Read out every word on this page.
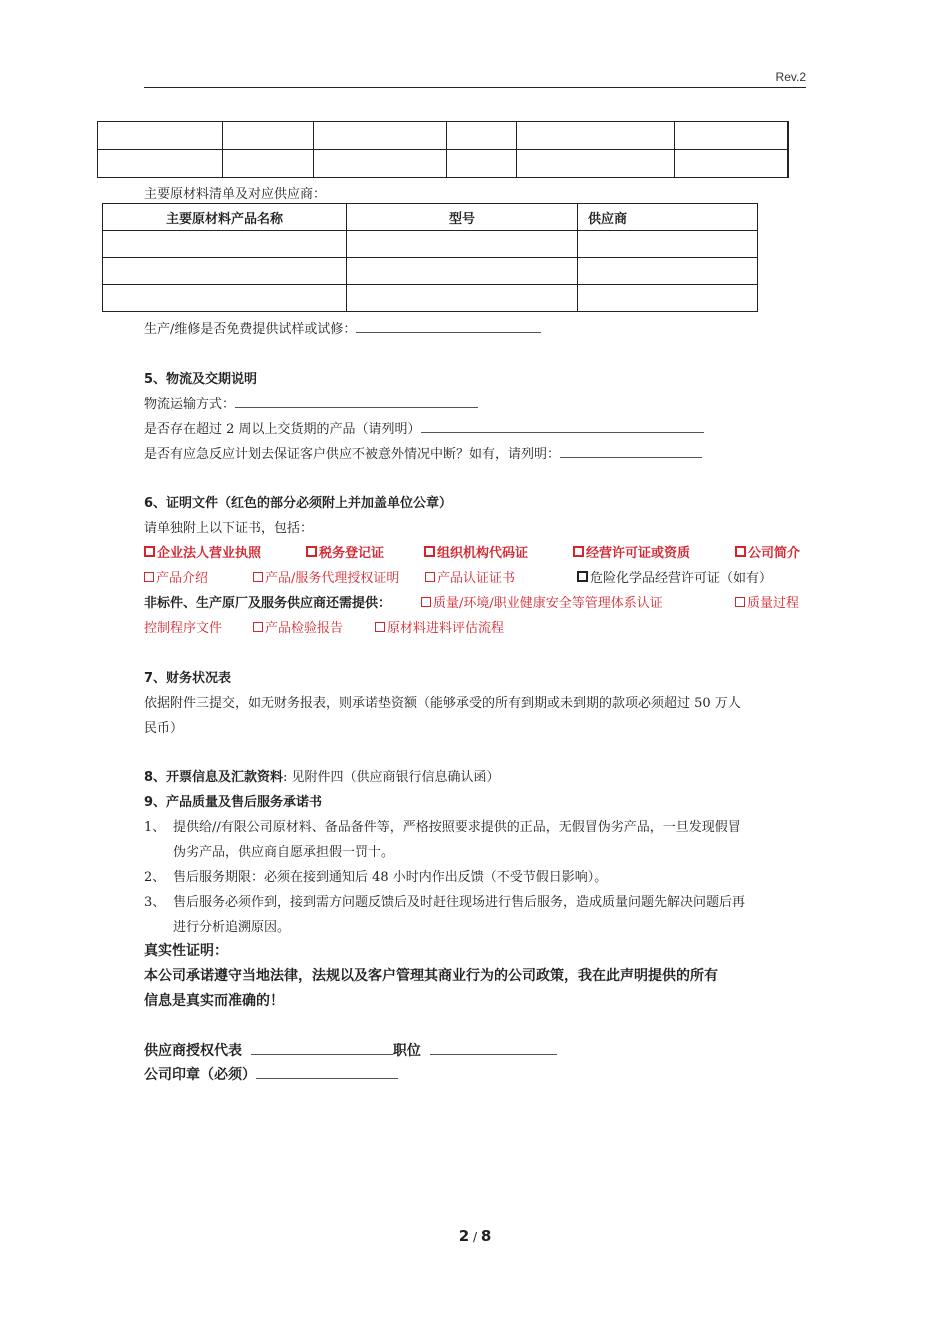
Rev.2

主要原材料清单及对应供应商：
主要原材料产品名称	型号	供应商

生产/维修是否免费提供试样或试修：
5、物流及交期说明
物流运输方式：
是否存在超过 2 周以上交货期的产品（请列明）
是否有应急反应计划去保证客户供应不被意外情况中断？如有，请列明：
6、证明文件（红色的部分必须附上并加盖单位公章）
请单独附上以下证书，包括：
企业法人营业执照	税务登记证	组织机构代码证	经营许可证或资质	公司简介
产品介绍	产品/服务代理授权证明	产品认证证书	危险化学品经营许可证（如有）
非标件、生产原厂及服务供应商还需提供：	质量/环境/职业健康安全等管理体系认证	质量过程
控制程序文件	产品检验报告	原材料进料评估流程
7、财务状况表
依据附件三提交，如无财务报表，则承诺垫资额（能够承受的所有到期或未到期的款项必须超过 50 万人
民币）
8、开票信息及汇款资料: 见附件四（供应商银行信息确认函）
9、产品质量及售后服务承诺书
1、 提供给//有限公司原材料、备品备件等，严格按照要求提供的正品，无假冒伪劣产品，一旦发现假冒
伪劣产品，供应商自愿承担假一罚十。
2、 售后服务期限：必须在接到通知后 48 小时内作出反馈（不受节假日影响）。
3、 售后服务必须作到，接到需方问题反馈后及时赶往现场进行售后服务，造成质量问题先解决问题后再
进行分析追溯原因。
真实性证明：
本公司承诺遵守当地法律，法规以及客户管理其商业行为的公司政策，我在此声明提供的所有
信息是真实而准确的！
供应商授权代表	职位
公司印章（必须）
2 / 8
